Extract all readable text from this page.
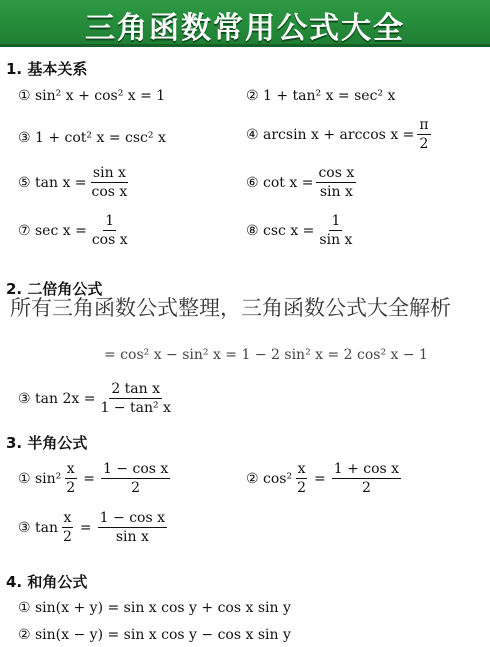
三角函数常用公式大全
1. 基本关系
① sin² x + cos² x = 1	② 1 + tan² x = sec² x
③ 1 + cot² x = csc² x	④ $\arcsin x + \arccos x = \frac{\pi}{2}$
⑤ $\tan x = \frac{\text{sin x}}{\text{cos x}}$	⑥ $\cot x = \frac{\text{cos x}}{\text{sin x}}$
⑦ $\sec x = \frac{1}{\text{cos x}}$	⑧ $\csc x = \frac{1}{\text{sin x}}$
2. 二倍角公式
= cos² x − sin² x = 1 − 2 sin² x = 2 cos² x − 1
③ $\tan 2x = \frac{\text{2 tan x}}{\text{1 − tan² x}}$
3. 半角公式
① $\sin^2 \frac{x}{2} = \frac{\text{1 − cos x}}{2}$	② $\cos^2 \frac{x}{2} = \frac{\text{1 + cos x}}{2}$
③ $\tan \frac{x}{2} = \frac{\text{1 − cos x}}{\text{sin x}}$
4. 和角公式
① sin(x + y) = sin x cos y + cos x sin y
② sin(x − y) = sin x cos y − cos x sin y
所有三角函数公式整理，三角函数公式大全解析
